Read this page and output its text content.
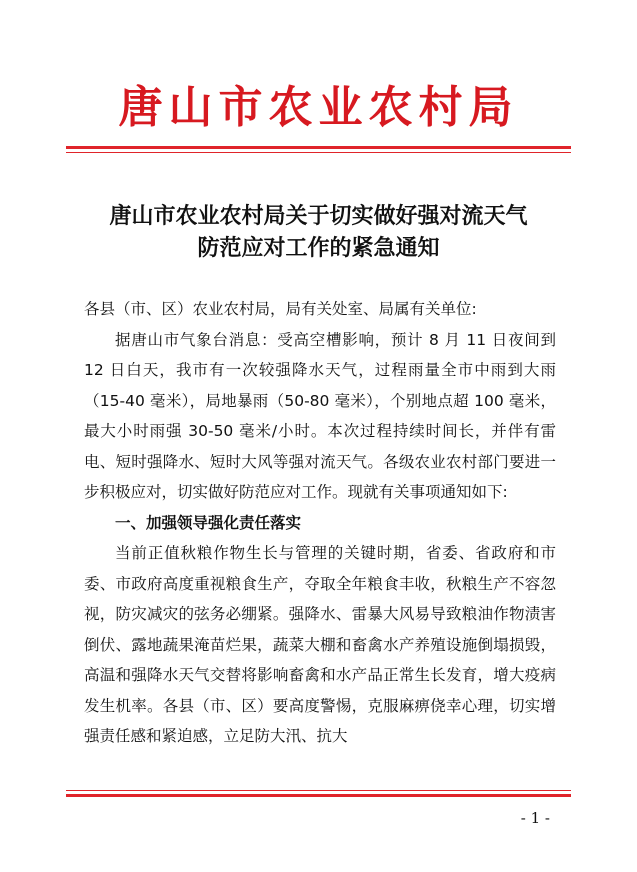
唐山市农业农村局
唐山市农业农村局关于切实做好强对流天气
防范应对工作的紧急通知

各县（市、区）农业农村局，局有关处室、局属有关单位:

据唐山市气象台消息：受高空槽影响，预计 8 月 11 日夜间到 12 日白天，我市有一次较强降水天气，过程雨量全市中雨到大雨（15-40 毫米），局地暴雨（50-80 毫米），个别地点超 100 毫米，最大小时雨强 30-50 毫米/小时。本次过程持续时间长，并伴有雷电、短时强降水、短时大风等强对流天气。各级农业农村部门要进一步积极应对，切实做好防范应对工作。现就有关事项通知如下:

一、加强领导强化责任落实

当前正值秋粮作物生长与管理的关键时期，省委、省政府和市委、市政府高度重视粮食生产，夺取全年粮食丰收，秋粮生产不容忽视，防灾减灾的弦务必绷紧。强降水、雷暴大风易导致粮油作物渍害倒伏、露地蔬果淹苗烂果，蔬菜大棚和畜禽水产养殖设施倒塌损毁，高温和强降水天气交替将影响畜禽和水产品正常生长发育，增大疫病发生机率。各县（市、区）要高度警惕，克服麻痹侥幸心理，切实增强责任感和紧迫感，立足防大汛、抗大

- 1 -
